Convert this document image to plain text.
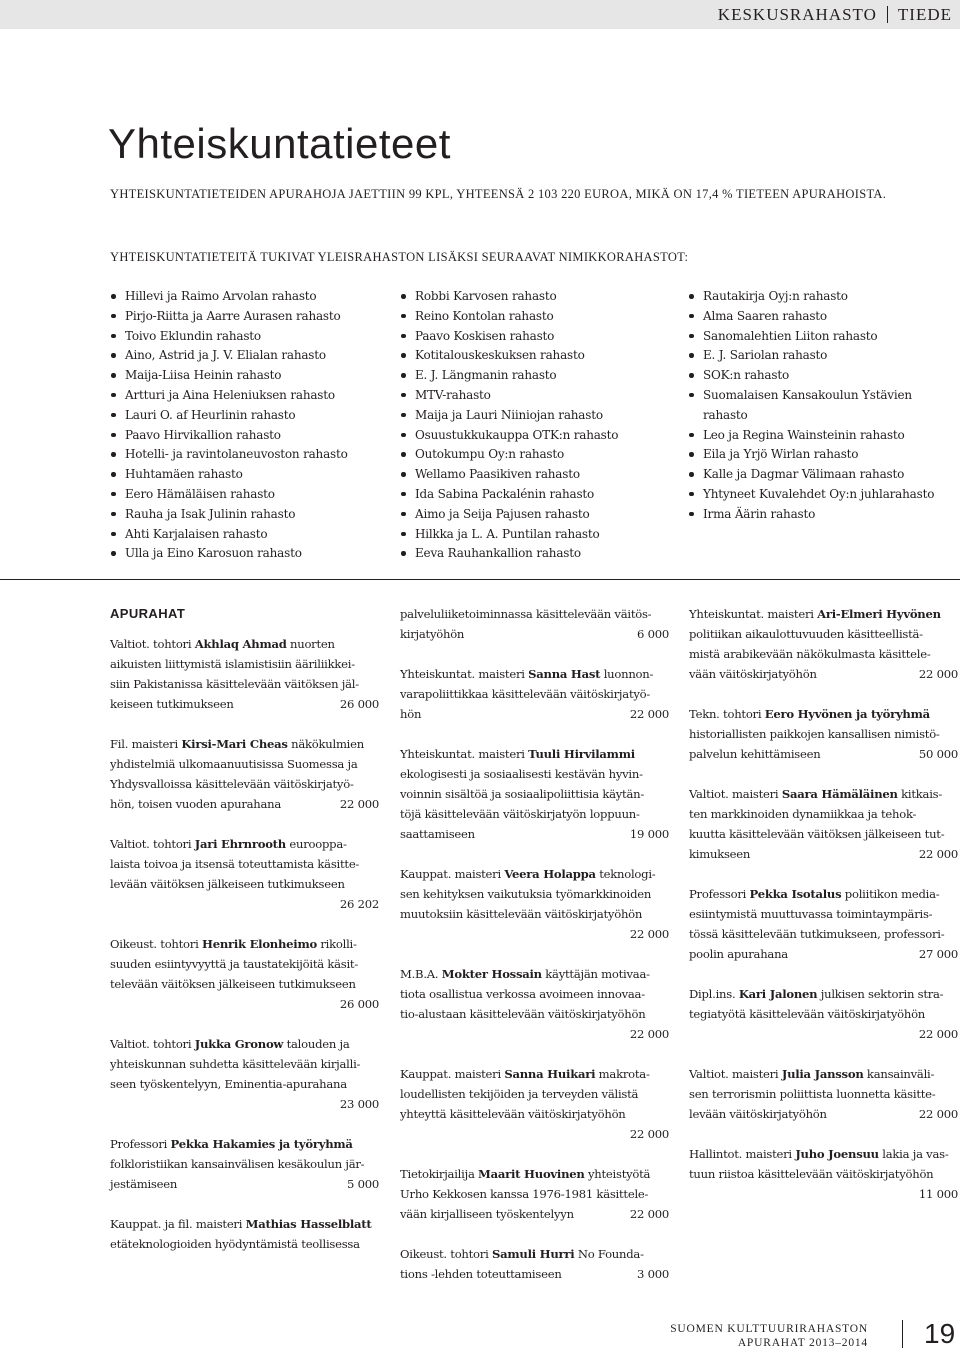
KESKUSRAHASTO TIEDE
Yhteiskuntatieteet
YHTEISKUNTATIETEIDEN APURAHOJA JAETTIIN 99 KPL, YHTEENSÄ 2 103 220 EUROA, MIKÄ ON 17,4 % TIETEEN APURAHOISTA.
YHTEISKUNTATIETEITÄ TUKIVAT YLEISRAHASTON LISÄKSI SEURAAVAT NIMIKKORAHASTOT:
Hillevi ja Raimo Arvolan rahasto
Pirjo-Riitta ja Aarre Aurasen rahasto
Toivo Eklundin rahasto
Aino, Astrid ja J. V. Elialan rahasto
Maija-Liisa Heinin rahasto
Artturi ja Aina Heleniuksen rahasto
Lauri O. af Heurlinin rahasto
Paavo Hirvikallion rahasto
Hotelli- ja ravintolaneuvoston rahasto
Huhtamäen rahasto
Eero Hämäläisen rahasto
Rauha ja Isak Julinin rahasto
Ahti Karjalaisen rahasto
Ulla ja Eino Karosuon rahasto
Robbi Karvosen rahasto
Reino Kontolan rahasto
Paavo Koskisen rahasto
Kotitalouskeskuksen rahasto
E. J. Längmanin rahasto
MTV-rahasto
Maija ja Lauri Niiniojan rahasto
Osuustukkukauppa OTK:n rahasto
Outokumpu Oy:n rahasto
Wellamo Paasikiven rahasto
Ida Sabina Packalénin rahasto
Aimo ja Seija Pajusen rahasto
Hilkka ja L. A. Puntilan rahasto
Eeva Rauhankallion rahasto
Rautakirja Oyj:n rahasto
Alma Saaren rahasto
Sanomalehtien Liiton rahasto
E. J. Sariolan rahasto
SOK:n rahasto
Suomalaisen Kansakoulun Ystävien
rahasto
Leo ja Regina Wainsteinin rahasto
Eila ja Yrjö Wirlan rahasto
Kalle ja Dagmar Välimaan rahasto
Yhtyneet Kuvalehdet Oy:n juhlarahasto
Irma Äärin rahasto
APURAHAT
Valtiot. tohtori Akhlaq Ahmad nuorten
aikuisten liittymistä islamistisiin ääriliikkei-
siin Pakistanissa käsittelevään väitöksen jäl-
keiseen tutkimukseen	26 000
Fil. maisteri Kirsi-Mari Cheas näkökulmien
yhdistelmiä ulkomaanuutisissa Suomessa ja
Yhdysvalloissa käsittelevään väitöskirjatyö-
hön, toisen vuoden apurahana	22 000
Valtiot. tohtori Jari Ehrnrooth eurooppa-
laista toivoa ja itsensä toteuttamista käsitte-
levään väitöksen jälkeiseen tutkimukseen
26 202
Oikeust. tohtori Henrik Elonheimo rikolli-
suuden esiintyvyyttä ja taustatekijöitä käsit-
televään väitöksen jälkeiseen tutkimukseen
26 000
Valtiot. tohtori Jukka Gronow talouden ja
yhteiskunnan suhdetta käsittelevään kirjalli-
seen työskentelyyn, Eminentia-apurahana
23 000
Professori Pekka Hakamies ja työryhmä
folkloristiikan kansainvälisen kesäkoulun jär-
jestämiseen	5 000
Kauppat. ja fil. maisteri Mathias Hasselblatt
etäteknologioiden hyödyntämistä teollisessa
palveluliiketoiminnassa käsittelevään väitös-
kirjatyöhön	6 000
Yhteiskuntat. maisteri Sanna Hast luonnon-
varapoliittikkaa käsittelevään väitöskirjatyö-
hön	22 000
Yhteiskuntat. maisteri Tuuli Hirvilammi
ekologisesti ja sosiaalisesti kestävän hyvin-
voinnin sisältöä ja sosiaalipoliittisia käytän-
töjä käsittelevään väitöskirjatyön loppuun-
saattamiseen	19 000
Kauppat. maisteri Veera Holappa teknologi-
sen kehityksen vaikutuksia työmarkkinoiden
muutoksiin käsittelevään väitöskirjatyöhön
22 000
M.B.A. Mokter Hossain käyttäjän motivaa-
tiota osallistua verkossa avoimeen innovaa-
tio-alustaan käsittelevään väitöskirjatyöhön
22 000
Kauppat. maisteri Sanna Huikari makrota-
loudellisten tekijöiden ja terveyden välistä
yhteyttä käsittelevään väitöskirjatyöhön
22 000
Tietokirjailija Maarit Huovinen yhteistyötä
Urho Kekkosen kanssa 1976-1981 käsittele-
vään kirjalliseen työskentelyyn	22 000
Oikeust. tohtori Samuli Hurri No Founda-
tions -lehden toteuttamiseen	3 000
Yhteiskuntat. maisteri Ari-Elmeri Hyvönen
politiikan aikaulottuvuuden käsitteellistä-
mistä arabikevään näkökulmasta käsittele-
vään väitöskirjatyöhön	22 000
Tekn. tohtori Eero Hyvönen ja työryhmä
historiallisten paikkojen kansallisen nimistö-
palvelun kehittämiseen	50 000
Valtiot. maisteri Saara Hämäläinen kitkais-
ten markkinoiden dynamiikkaa ja tehok-
kuutta käsittelevään väitöksen jälkeiseen tut-
kimukseen	22 000
Professori Pekka Isotalus poliitikon media-
esiintymistä muuttuvassa toimintaympäris-
tössä käsittelevään tutkimukseen, professori-
poolin apurahana	27 000
Dipl.ins. Kari Jalonen julkisen sektorin stra-
tegiatyötä käsittelevään väitöskirjatyöhön
22 000
Valtiot. maisteri Julia Jansson kansainväli-
sen terrorismin poliittista luonnetta käsitte-
levään väitöskirjatyöhön	22 000
Hallintot. maisteri Juho Joensuu lakia ja vas-
tuun riistoa käsittelevään väitöskirjatyöhön
11 000
SUOMEN KULTTUURIRAHASTON
APURAHAT 2013–2014 19
